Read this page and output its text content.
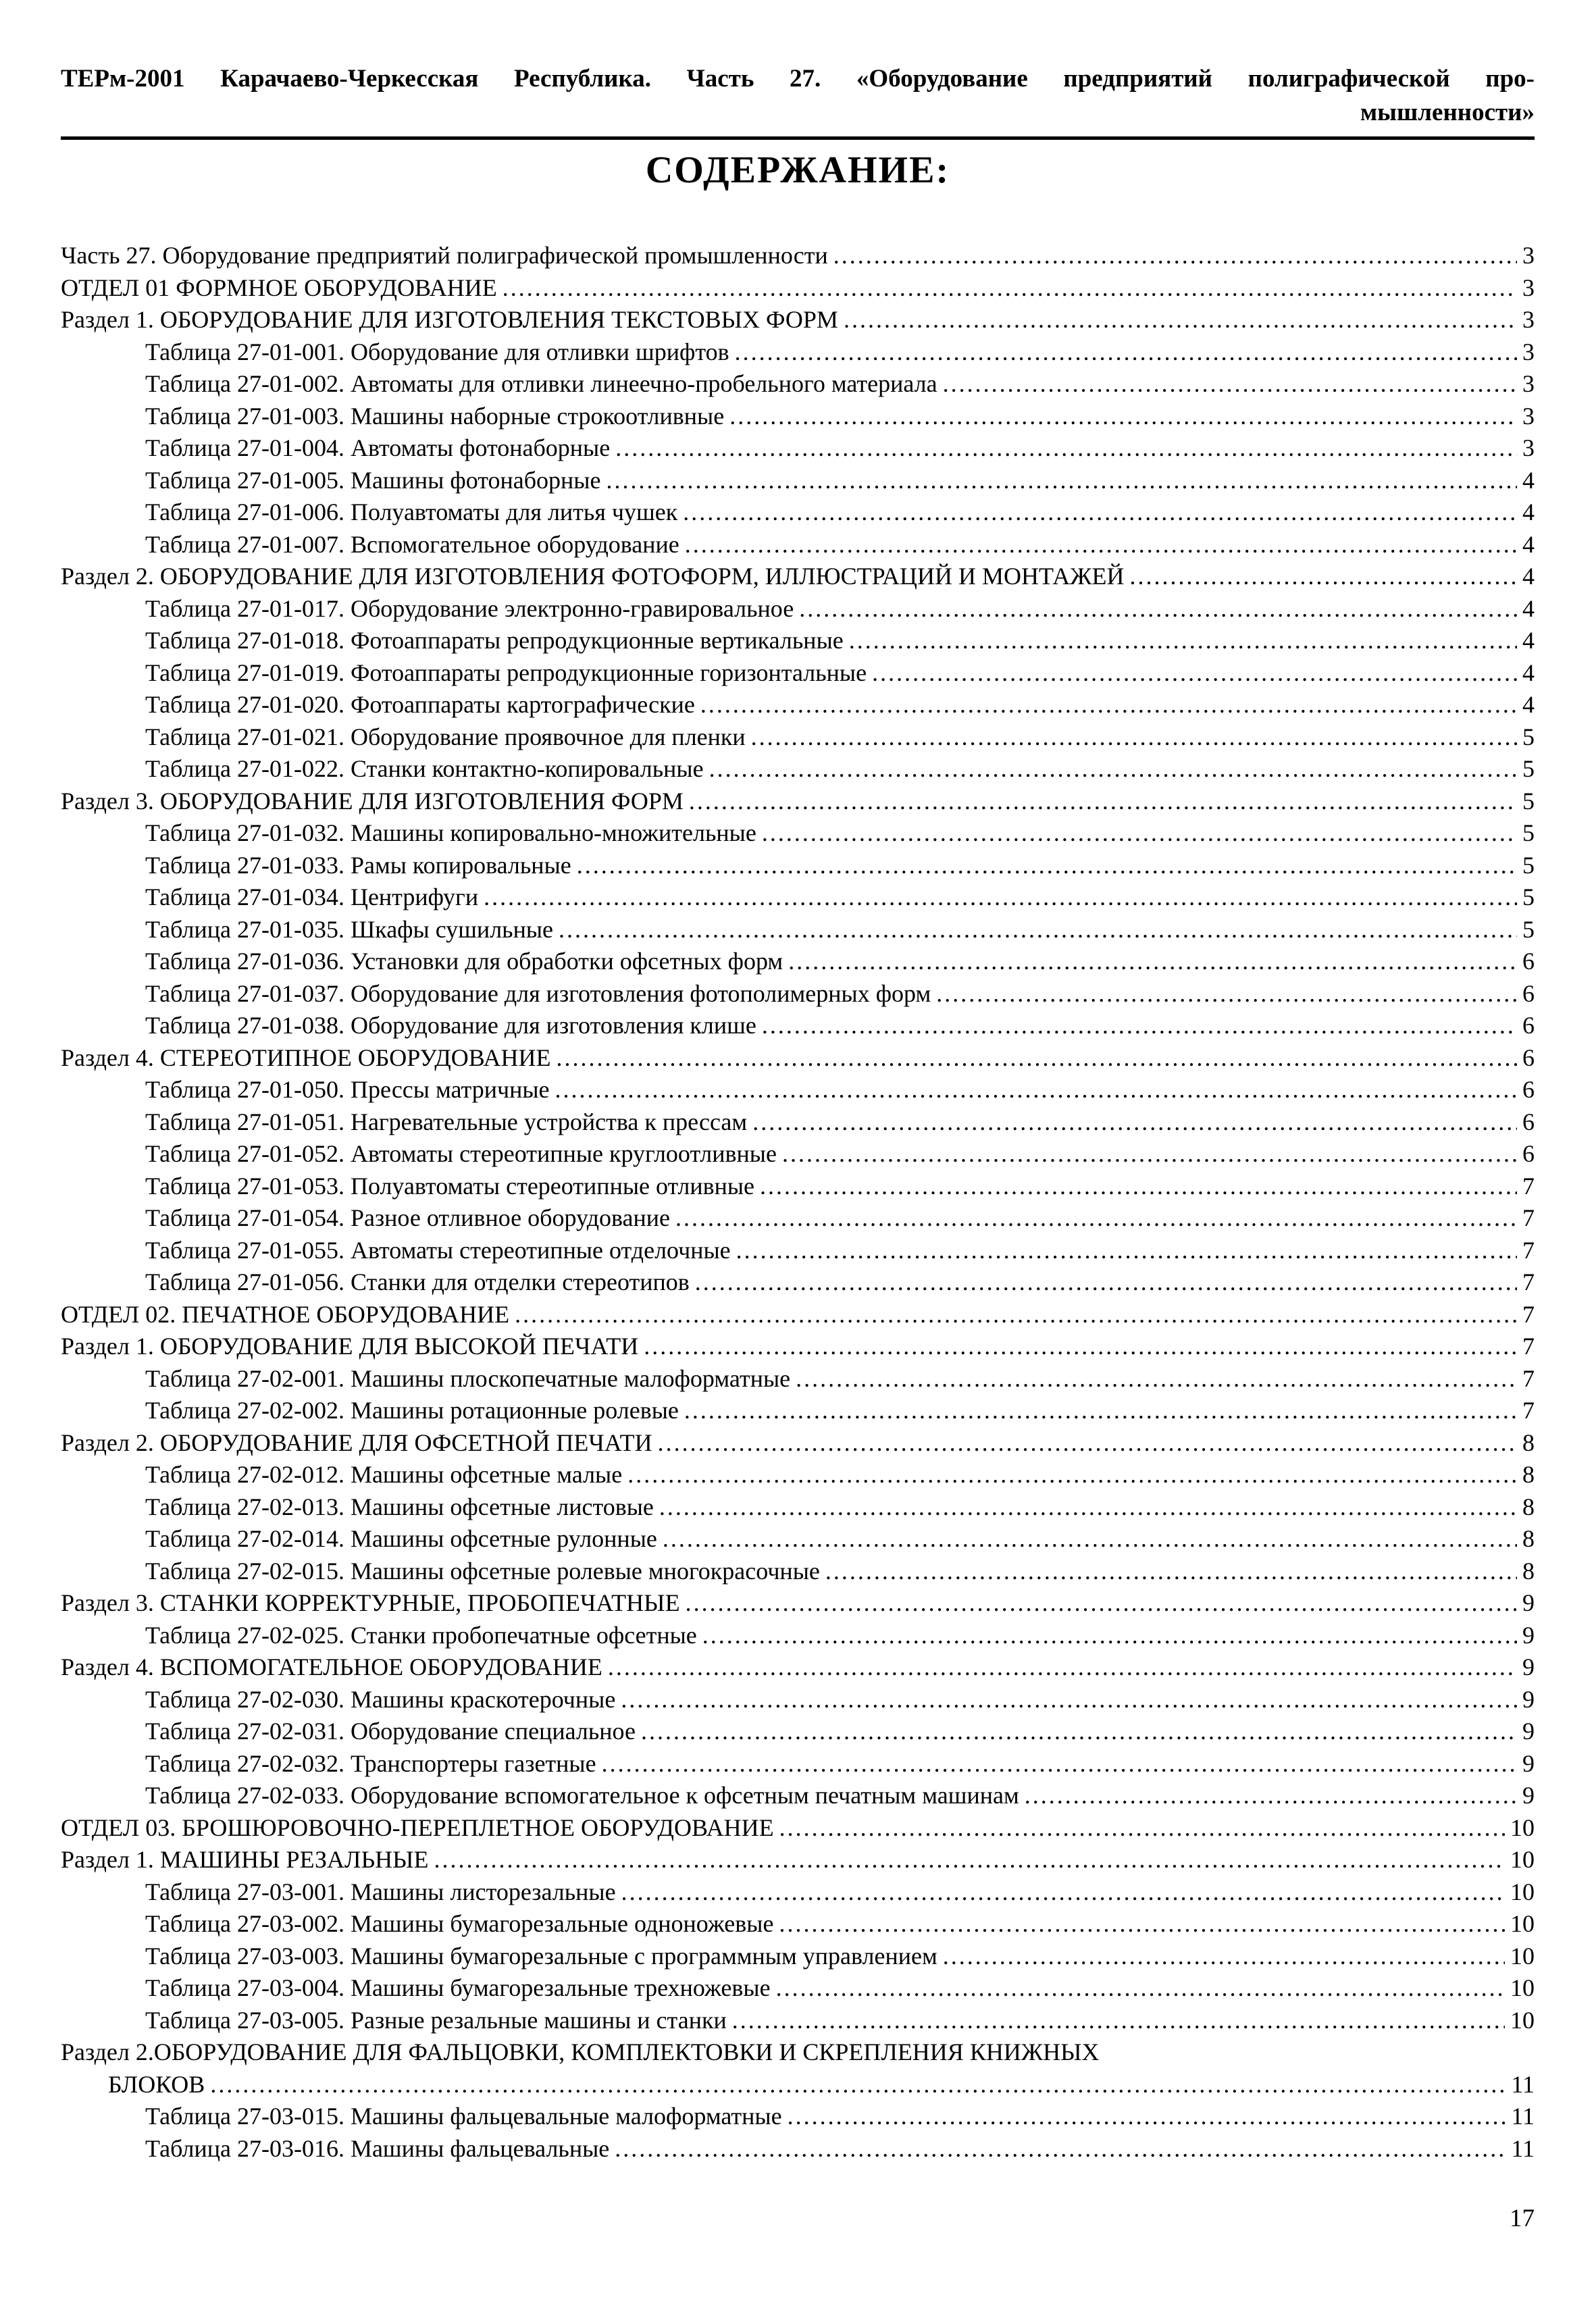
ТЕРм-2001 Карачаево-Черкесская Республика. Часть 27. «Оборудование предприятий полиграфической про-
мышленности»
СОДЕРЖАНИЕ:
Часть 27. Оборудование предприятий полиграфической промышленности .....	3
ОТДЕЛ 01 ФОРМНОЕ ОБОРУДОВАНИЕ .....	3
Раздел 1. ОБОРУДОВАНИЕ ДЛЯ ИЗГОТОВЛЕНИЯ ТЕКСТОВЫХ ФОРМ .....	3
Таблица 27-01-001. Оборудование для отливки шрифтов .....	3
Таблица 27-01-002. Автоматы для отливки линеечно-пробельного материала .....	3
Таблица 27-01-003. Машины наборные строкоотливные .....	3
Таблица 27-01-004. Автоматы фотонаборные .....	3
Таблица 27-01-005. Машины фотонаборные .....	4
Таблица 27-01-006. Полуавтоматы для литья чушек .....	4
Таблица 27-01-007. Вспомогательное оборудование .....	4
Раздел 2. ОБОРУДОВАНИЕ ДЛЯ ИЗГОТОВЛЕНИЯ ФОТОФОРМ, ИЛЛЮСТРАЦИЙ И МОНТАЖЕЙ .....	4
Таблица 27-01-017. Оборудование электронно-гравировальное .....	4
Таблица 27-01-018. Фотоаппараты репродукционные вертикальные .....	4
Таблица 27-01-019. Фотоаппараты репродукционные горизонтальные .....	4
Таблица 27-01-020. Фотоаппараты картографические .....	4
Таблица 27-01-021. Оборудование проявочное для пленки .....	5
Таблица 27-01-022. Станки контактно-копировальные .....	5
Раздел 3. ОБОРУДОВАНИЕ ДЛЯ ИЗГОТОВЛЕНИЯ ФОРМ .....	5
Таблица 27-01-032. Машины копировально-множительные .....	5
Таблица 27-01-033. Рамы копировальные .....	5
Таблица 27-01-034. Центрифуги .....	5
Таблица 27-01-035. Шкафы сушильные .....	5
Таблица 27-01-036. Установки для обработки офсетных форм .....	6
Таблица 27-01-037. Оборудование для изготовления фотополимерных форм .....	6
Таблица 27-01-038. Оборудование для изготовления клише .....	6
Раздел 4. СТЕРЕОТИПНОЕ ОБОРУДОВАНИЕ .....	6
Таблица 27-01-050. Прессы матричные .....	6
Таблица 27-01-051. Нагревательные устройства к прессам .....	6
Таблица 27-01-052. Автоматы стереотипные круглоотливные .....	6
Таблица 27-01-053. Полуавтоматы стереотипные отливные .....	7
Таблица 27-01-054. Разное отливное оборудование .....	7
Таблица 27-01-055. Автоматы стереотипные отделочные .....	7
Таблица 27-01-056. Станки для отделки стереотипов .....	7
ОТДЕЛ 02. ПЕЧАТНОЕ ОБОРУДОВАНИЕ .....	7
Раздел 1. ОБОРУДОВАНИЕ ДЛЯ ВЫСОКОЙ ПЕЧАТИ .....	7
Таблица 27-02-001. Машины плоскопечатные малоформатные .....	7
Таблица 27-02-002. Машины ротационные ролевые .....	7
Раздел 2. ОБОРУДОВАНИЕ ДЛЯ ОФСЕТНОЙ ПЕЧАТИ .....	8
Таблица 27-02-012. Машины офсетные малые .....	8
Таблица 27-02-013. Машины офсетные листовые .....	8
Таблица 27-02-014. Машины офсетные рулонные .....	8
Таблица 27-02-015. Машины офсетные ролевые многокрасочные .....	8
Раздел 3. СТАНКИ КОРРЕКТУРНЫЕ, ПРОБОПЕЧАТНЫЕ .....	9
Таблица 27-02-025. Станки пробопечатные офсетные .....	9
Раздел 4. ВСПОМОГАТЕЛЬНОЕ ОБОРУДОВАНИЕ .....	9
Таблица 27-02-030. Машины краскотерочные .....	9
Таблица 27-02-031. Оборудование специальное .....	9
Таблица 27-02-032. Транспортеры газетные .....	9
Таблица 27-02-033. Оборудование вспомогательное к офсетным печатным машинам .....	9
ОТДЕЛ 03. БРОШЮРОВОЧНО-ПЕРЕПЛЕТНОЕ ОБОРУДОВАНИЕ .....	10
Раздел 1. МАШИНЫ РЕЗАЛЬНЫЕ .....	10
Таблица 27-03-001. Машины листорезальные .....	10
Таблица 27-03-002. Машины бумагорезальные одноножевые .....	10
Таблица 27-03-003. Машины бумагорезальные с программным управлением .....	10
Таблица 27-03-004. Машины бумагорезальные трехножевые .....	10
Таблица 27-03-005. Разные резальные машины и станки .....	10
Раздел 2.ОБОРУДОВАНИЕ ДЛЯ ФАЛЬЦОВКИ, КОМПЛЕКТОВКИ И СКРЕПЛЕНИЯ КНИЖНЫХ
БЛОКОВ .....	11
Таблица 27-03-015. Машины фальцевальные малоформатные .....	11
Таблица 27-03-016. Машины фальцевальные .....	11
17
